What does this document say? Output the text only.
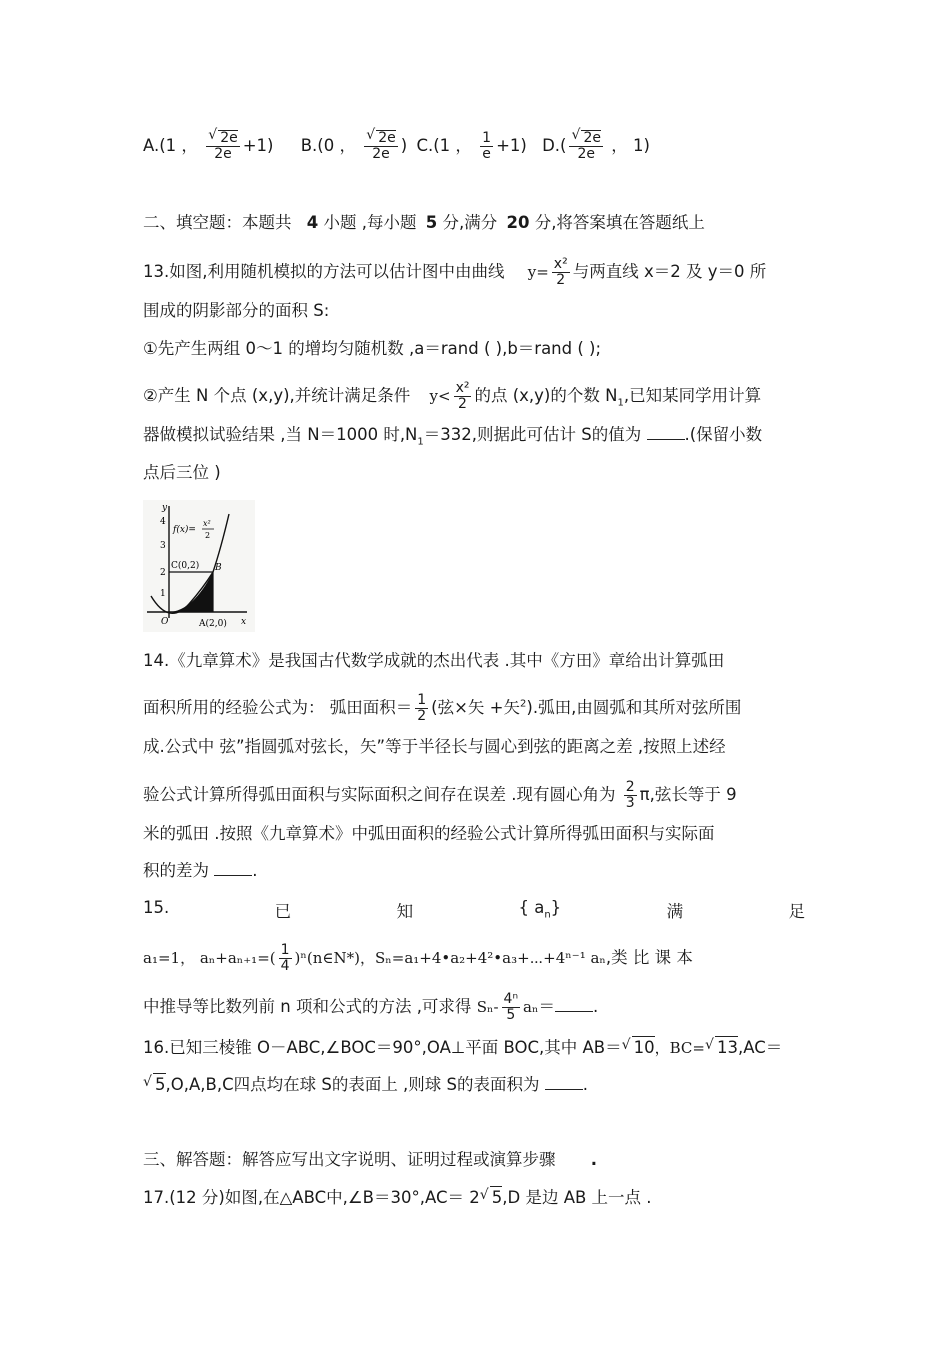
A.(1 ， √ $\frac{2e}{2e} +1$) B.(0 ， √ $\frac{2e}{2e}$ ) C.(1 ， $\frac{1}{e} +1$) D.( √ $\frac{2e}{2e}$ ， 1)
二、填空题：本题共 4 小题 ,每小题 5 分,满分 20 分,将答案填在答题纸上
13.如图,利用随机模拟的方法可以估计图中由曲线 $y= \frac{\text{x²}}{2}$ 与两直线 x＝2 及 y＝0 所
围成的阴影部分的面积 S:
①先产生两组 0～1 的增均匀随机数 ,a＝rand ( ),b＝rand ( );
②产生 N 个点 (x,y),并统计满足条件 $y< \frac{\text{x²}}{2}$ 的点 (x,y)的个数 $N_1$,已知某同学用计算
器做模拟试验结果 ,当 N＝1000 时$,N_1=332$,则据此可估计 S的值为	.(保留小数
点后三位 )
y
x
4
3
2
1
f(x)=
x²
2
C(0,2) B
O	A(2,0)
14.《九章算术》是我国古代数学成就的杰出代表 .其中《方田》章给出计算弧田
面积所用的经验公式为： 弧田面积＝ $\frac{1}{2}$ (弦×矢 +矢$^2$).弧田,由圆弧和其所对弦所围
成.公式中 弦”指圆弧对弦长，矢”等于半径长与圆心到弦的距离之差 ,按照上述经
验公式计算所得弧田面积与实际面积之间存在误差 .现有圆心角为 $\frac{2}{3} \pi$,弦长等于 9
米的弧田 .按照《九章算术》中弧田面积的经验公式计算所得弧田面积与实际面
积的差为	.
15.	已	知	{ $a_n$}	满	足
a₁=1， $a_n+a_{n+1}=( \frac{1}{4}$ )ⁿ(n∈N*)，Sₙ=a₁+4•a₂+4²•a₃+⋯+4ⁿ⁻¹ aₙ,类 比 课 本
中推导等比数列前 n 项和公式的方法 ,可求得 $S_n- \frac{\text{4ⁿ}}{5} a_n=$ .
16.已知三棱锥 O－ABC,∠BOC＝90°,OA⊥平面 BOC,其中 AB＝ √ 10，BC= √ 13,AC＝
√ 5,O,A,B,C四点均在球 S的表面上 ,则球 S的表面积为	.
三、解答题：解答应写出文字说明、证明过程或演算步骤 .
17.(12 分)如图,在△ABC中,∠B＝30°,AC＝ 2 √ 5,D 是边 AB 上一点 .
